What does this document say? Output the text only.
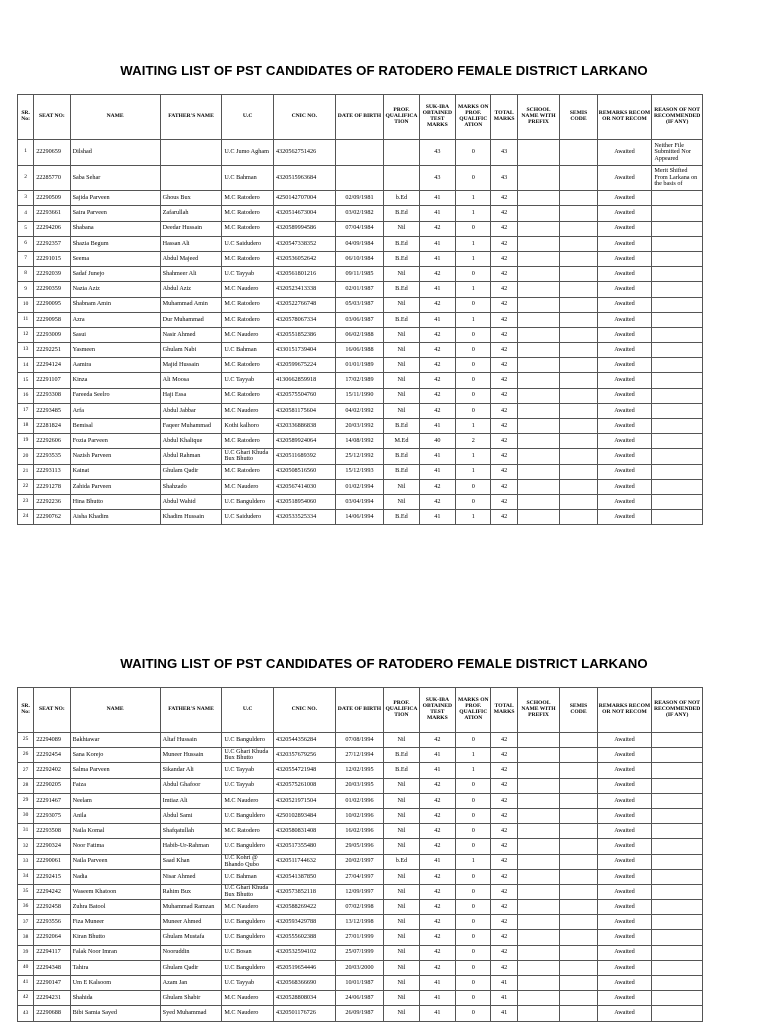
WAITING LIST OF PST CANDIDATES OF RATODERO FEMALE DISTRICT LARKANO
SR. No:	SEAT NO:	NAME	FATHER'S NAME	U.C	CNIC NO.	DATE OF BIRTH	PROF. QUALIFICA TION	SUK-IBA OBTAINED TEST MARKS	MARKS ON PROF. QUALIFIC ATION	TOTAL MARKS	SCHOOL NAME WITH PREFIX	SEMIS CODE	REMARKS RECOM OR NOT RECOM	REASON OF NOT RECOMMENDED (IF ANY)
1	22290659	Dilshad		U.C Jumo Agham	4320562751426			43	0	43			Awaited	Neither File Submitted Nor Appeared
2	22285770	Saba Sehar		U.C Bahman	4320515963684			43	0	43			Awaited	Merit Shifted From Larkana on the basis of
3	22290509	Sajida Parveen	Ghous Bux	M.C Ratodero	4250142707004	02/09/1981	b.Ed	41	1	42			Awaited	
4	22293661	Saira Parveen	Zafarullah	M.C Ratodero	4320514673004	03/02/1982	B.Ed	41	1	42			Awaited	
5	22294206	Shabana	Deedar Hussain	M.C Ratodero	4320589994586	07/04/1984	Nil	42	0	42			Awaited	
6	22292357	Shazia Begum	Hassan Ali	U.C Saidudero	4320547338352	04/09/1984	B.Ed	41	1	42			Awaited	
7	22291015	Seema	Abdul Majeed	M.C Ratodero	4320536052642	06/10/1984	B.Ed	41	1	42			Awaited	
8	22292039	Sadaf Junejo	Shahmeer Ali	U.C Tayyab	4320561801216	09/11/1985	Nil	42	0	42			Awaited	
9	22290359	Nazia Aziz	Abdul Aziz	M.C Naudero	4320523413338	02/01/1987	B.Ed	41	1	42			Awaited	
10	22290095	Shabnam Amin	Muhammad Amin	M.C Ratodero	4320522766748	05/03/1987	Nil	42	0	42			Awaited	
11	22290958	Azra	Dur Muhammad	M.C Ratodero	4320578067334	03/06/1987	B.Ed	41	1	42			Awaited	
12	22293009	Sasui	Nasir Ahmed	M.C Naudero	4320551852386	06/02/1988	Nil	42	0	42			Awaited	
13	22292251	Yasmeen	Ghulam Nabi	U.C Bahman	4330151739404	16/06/1988	Nil	42	0	42			Awaited	
14	22294124	Aamira	Majid Hussain	M.C Ratodero	4320599675224	01/01/1989	Nil	42	0	42			Awaited	
15	22291107	Kinza	Ali Moosa	U.C Tayyab	4130662859918	17/02/1989	Nil	42	0	42			Awaited	
16	22293308	Fareeda Seelro	Haji Essa	M.C Ratodero	4320575504760	15/11/1990	Nil	42	0	42			Awaited	
17	22293485	Arfa	Abdul Jabbar	M.C Naudero	4320581175604	04/02/1992	Nil	42	0	42			Awaited	
18	22281824	Bemisal	Faqeer Muhammad	Kothi kalhoro	4320336886838	20/03/1992	B.Ed	41	1	42			Awaited	
19	22292606	Fozia Parveen	Abdul Khalique	M.C Ratodero	4320589924064	14/08/1992	M.Ed	40	2	42			Awaited	
20	22293535	Nazish Parveen	Abdul Rahman	U.C Ghari Khuda Bux Bhutto	4320511689392	25/12/1992	B.Ed	41	1	42			Awaited	
21	22293113	Kainat	Ghulam Qadir	M.C Ratodero	4320508516560	15/12/1993	B.Ed	41	1	42			Awaited	
22	22291278	Zahida Parveen	Shahzado	M.C Naudero	4320567414030	01/02/1994	Nil	42	0	42			Awaited	
23	22292236	Hina Bhutto	Abdul Wahid	U.C Banguldero	4320518954060	03/04/1994	Nil	42	0	42			Awaited	
24	22290762	Aisha Khadim	Khadim Hussain	U.C Saidudero	4320533525334	14/06/1994	B.Ed	41	1	42			Awaited	
WAITING LIST OF PST CANDIDATES OF RATODERO FEMALE DISTRICT LARKANO
SR. No:	SEAT NO:	NAME	FATHER'S NAME	U.C	CNIC NO.	DATE OF BIRTH	PROF. QUALIFICA TION	SUK-IBA OBTAINED TEST MARKS	MARKS ON PROF. QUALIFIC ATION	TOTAL MARKS	SCHOOL NAME WITH PREFIX	SEMIS CODE	REMARKS RECOM OR NOT RECOM	REASON OF NOT RECOMMENDED (IF ANY)
25	22294089	Bakhtawar	Altaf Hussain	U.C Bangulderо	4320544356284	07/08/1994	Nil	42	0	42			Awaited	
26	22292454	Sana Korejo	Muneer Hussain	U.C Ghari Khuda Bux Bhutto	4320357679256	27/12/1994	B.Ed	41	1	42			Awaited	
27	22292402	Salma Parveen	Sikandar Ali	U.C Tayyab	4320554721948	12/02/1995	B.Ed	41	1	42			Awaited	
28	22290205	Faiza	Abdul Ghafoor	U.C Tayyab	4320575261008	20/03/1995	Nil	42	0	42			Awaited	
29	22291467	Neelam	Imtiaz Ali	M.C Naudero	4320521971504	01/02/1996	Nil	42	0	42			Awaited	
30	22293075	Anila	Abdul Sami	U.C Bangulderо	4250102893484	10/02/1996	Nil	42	0	42			Awaited	
31	22293508	Naila Komal	Shafqatullah	M.C Ratodero	4320580831408	16/02/1996	Nil	42	0	42			Awaited	
32	22290324	Noor Fatima	Habib-Ur-Rahman	U.C Bangulderо	4320517355480	29/05/1996	Nil	42	0	42			Awaited	
33	22290061	Naila Parveen	Saad Khan	U.C Kohri @ Bhando Qubo	4320511744632	20/02/1997	b.Ed	41	1	42			Awaited	
34	22292415	Nadia	Nisar Ahmed	U.C Bahman	4320541387850	27/04/1997	Nil	42	0	42			Awaited	
35	22294242	Waseem Khatoon	Rahim Bux	U.C Ghari Khuda Bux Bhutto	4320573852118	12/09/1997	Nil	42	0	42			Awaited	
36	22292458	Zuhra Batool	Muhammad Ramzan	M.C Naudero	4320588269422	07/02/1998	Nil	42	0	42			Awaited	
37	22293556	Fiza Muneer	Muneer Ahmed	U.C Bangulderо	4320593429788	13/12/1998	Nil	42	0	42			Awaited	
38	22292064	Kiran Bhutto	Ghulam Mustafa	U.C Bangulderо	4320555602388	27/01/1999	Nil	42	0	42			Awaited	
39	22294117	Falak Noor Imran	Nooruddin	U.C Bosan	4320532594102	25/07/1999	Nil	42	0	42			Awaited	
40	22294348	Tahira	Ghulam Qadir	U.C Bangulderо	4520519654446	20/03/2000	Nil	42	0	42			Awaited	
41	22290147	Um E Kalsoom	Azam Jan	U.C Tayyab	4320568366690	10/01/1987	Nil	41	0	41			Awaited	
42	22294231	Shahida	Ghulam Shabir	M.C Naudero	4320528808034	24/06/1987	Nil	41	0	41			Awaited	
43	22290688	Bibi Samia Sayed	Syed Muhammad	M.C Naudero	4320501176726	26/09/1987	Nil	41	0	41			Awaited	
